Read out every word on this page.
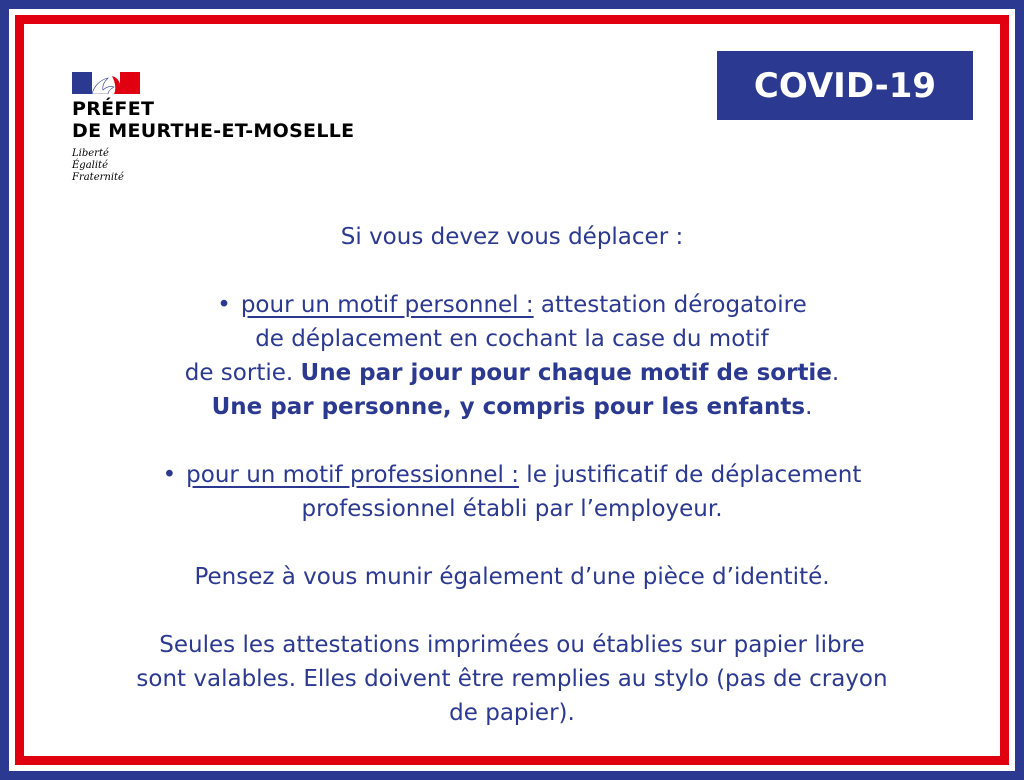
PRÉFET
DE MEURTHE-ET-MOSELLE
Liberté
Égalité
Fraternité
COVID-19

Si vous devez vous déplacer :

• pour un motif personnel : attestation dérogatoire

de déplacement en cochant la case du motif

de sortie. Une par jour pour chaque motif de sortie.

Une par personne, y compris pour les enfants.

• pour un motif professionnel : le justificatif de déplacement

professionnel établi par l’employeur.

Pensez à vous munir également d’une pièce d’identité.

Seules les attestations imprimées ou établies sur papier libre

sont valables. Elles doivent être remplies au stylo (pas de crayon

de papier).
